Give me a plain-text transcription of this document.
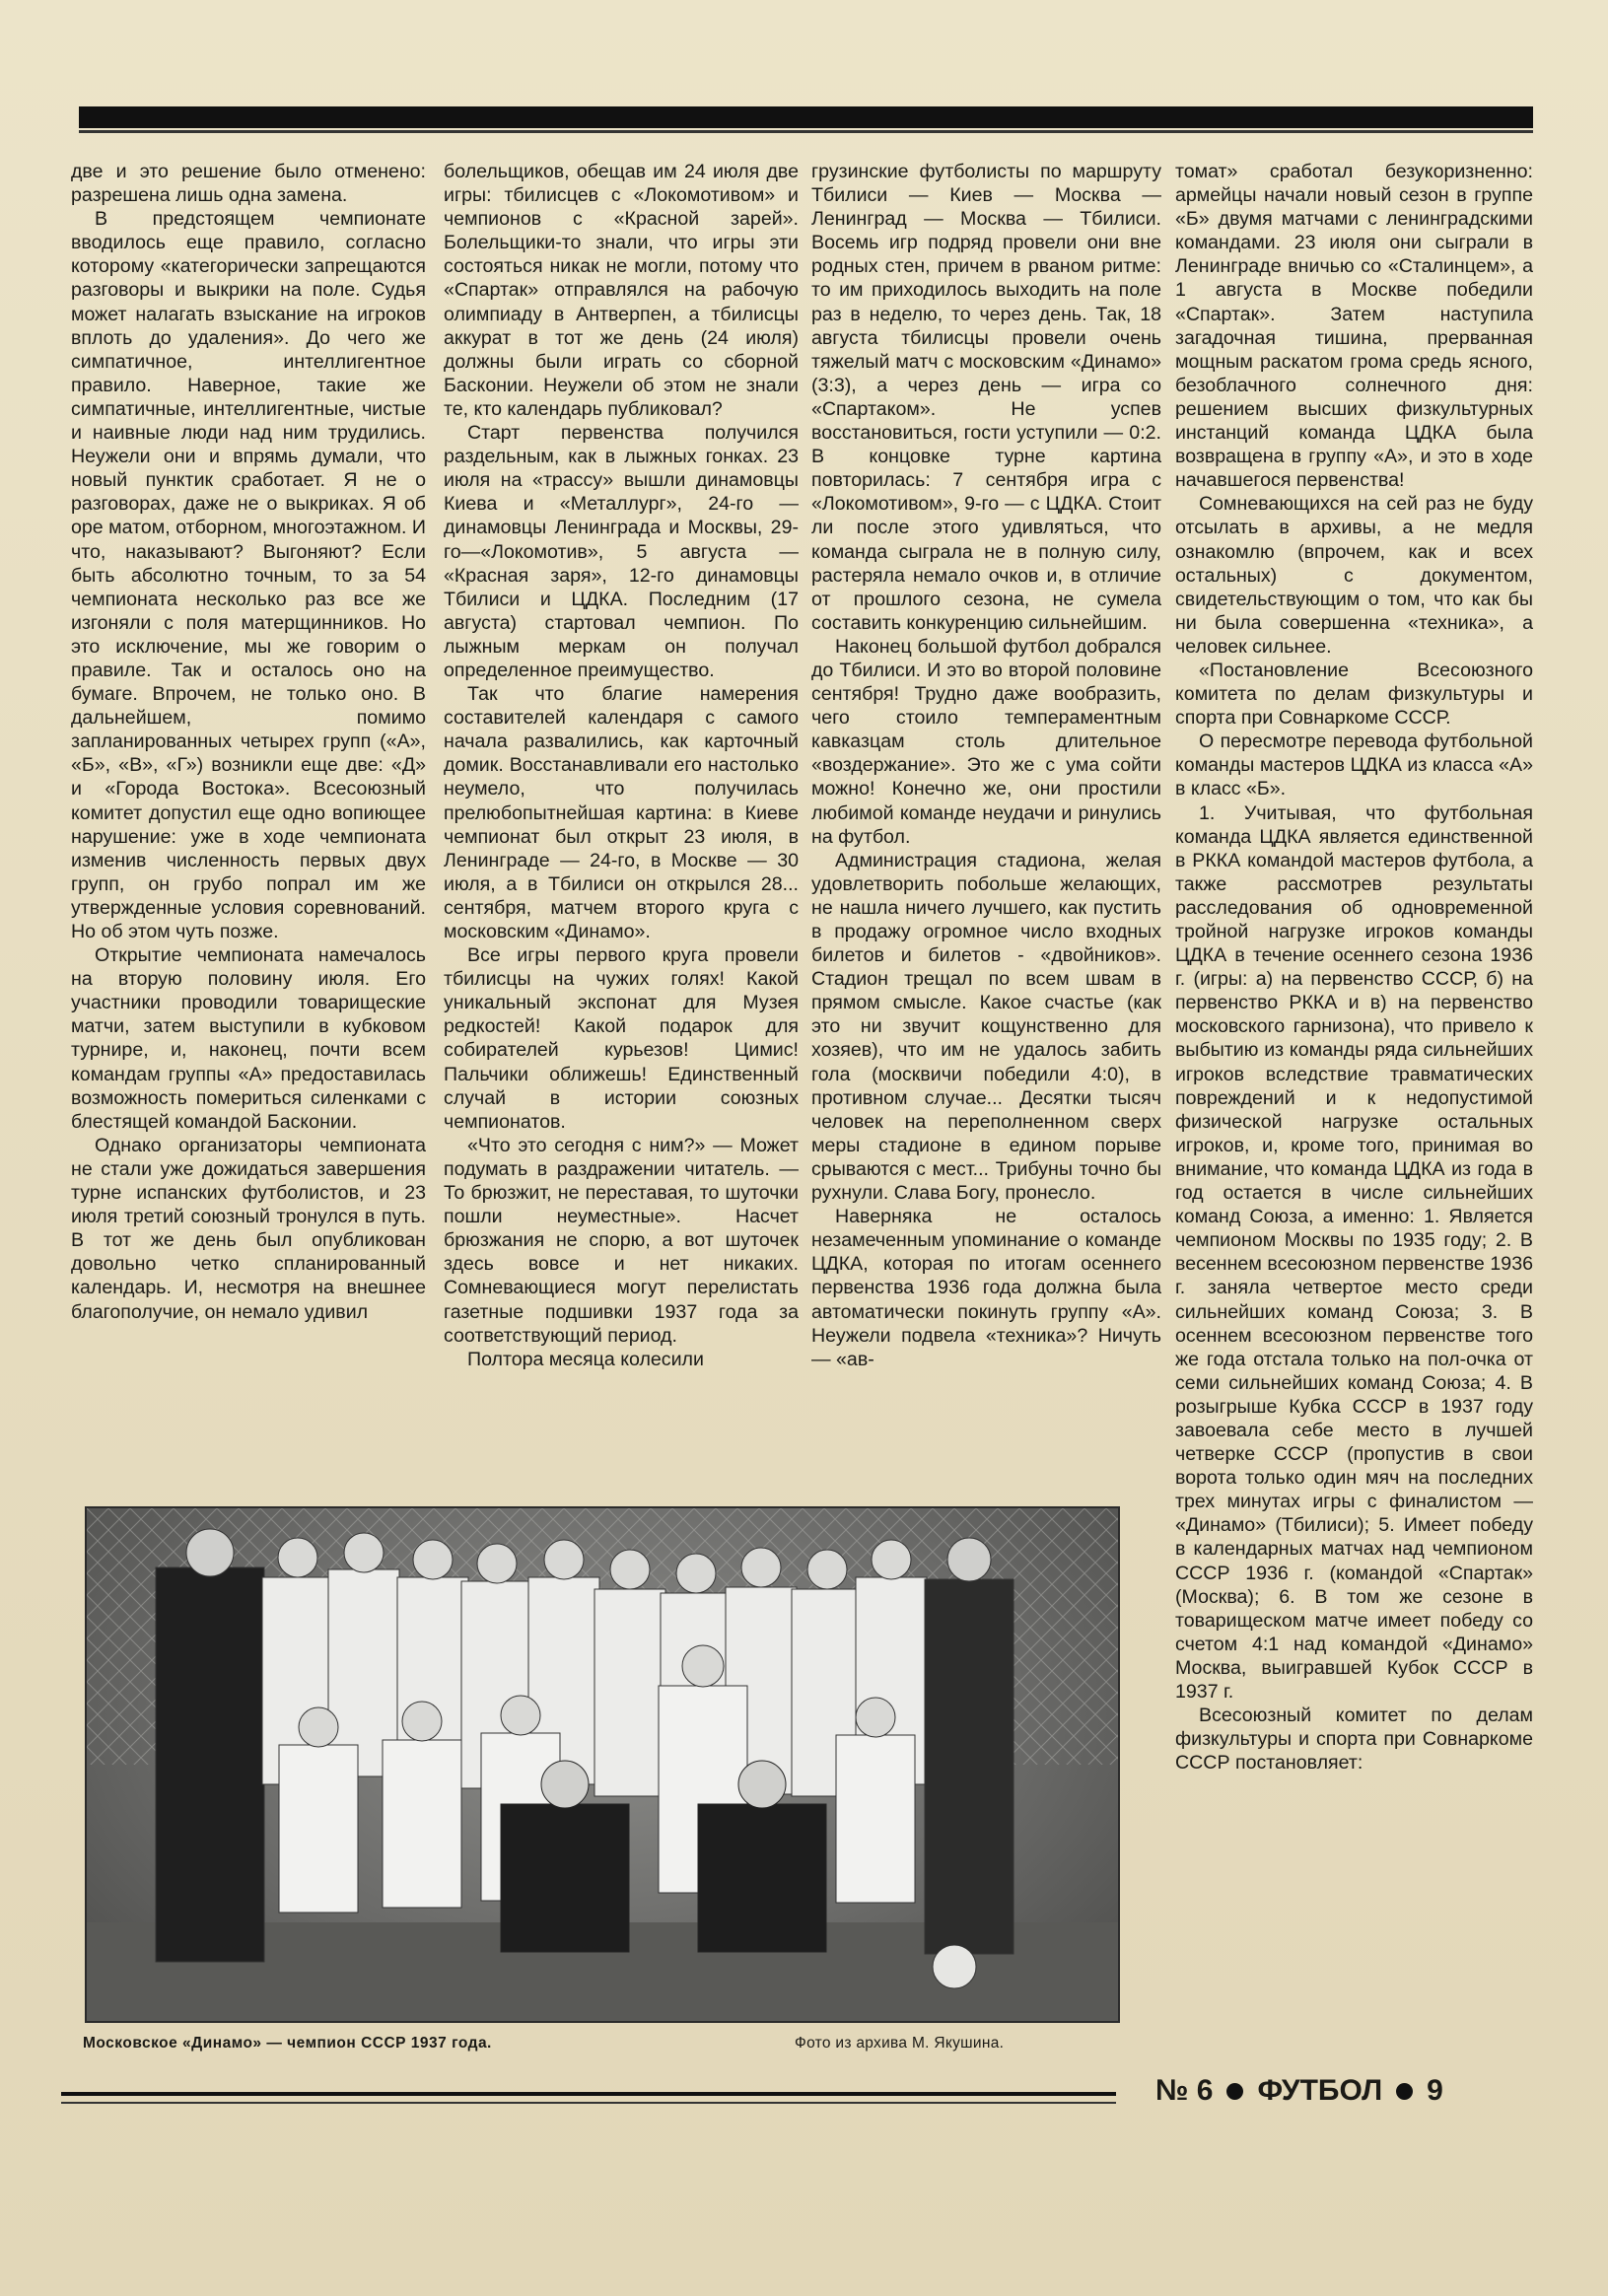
две и это решение было отменено: разрешена лишь одна замена.

В предстоящем чемпионате вводилось еще правило, согласно которому «категорически запрещаются разговоры и выкрики на поле. Судья может налагать взыскание на игроков вплоть до удаления». До чего же симпатичное, интеллигентное правило. Наверное, такие же симпатичные, интеллигентные, чистые и наивные люди над ним трудились. Неужели они и впрямь думали, что новый пунктик сработает. Я не о разговорах, даже не о выкриках. Я об оре матом, отборном, многоэтажном. И что, наказывают? Выгоняют? Если быть абсолютно точным, то за 54 чемпионата несколько раз все же изгоняли с поля матерщинников. Но это исключение, мы же говорим о правиле. Так и осталось оно на бумаге. Впрочем, не только оно. В дальнейшем, помимо запланированных четырех групп («А», «Б», «В», «Г») возникли еще две: «Д» и «Города Востока». Всесоюзный комитет допустил еще одно вопиющее нарушение: уже в ходе чемпионата изменив численность первых двух групп, он грубо попрал им же утвержденные условия соревнований. Но об этом чуть позже.

Открытие чемпионата намечалось на вторую половину июля. Его участники проводили товарищеские матчи, затем выступили в кубковом турнире, и, наконец, почти всем командам группы «А» предоставилась возможность помериться силенками с блестящей командой Басконии.

Однако организаторы чемпионата не стали уже дожидаться завершения турне испанских футболистов, и 23 июля третий союзный тронулся в путь. В тот же день был опубликован довольно четко спланированный календарь. И, несмотря на внешнее благополучие, он немало удивил

болельщиков, обещав им 24 июля две игры: тбилисцев с «Локомотивом» и чемпионов с «Красной зарей». Болельщики-то знали, что игры эти состояться никак не могли, потому что «Спартак» отправлялся на рабочую олимпиаду в Антверпен, а тбилисцы аккурат в тот же день (24 июля) должны были играть со сборной Басконии. Неужели об этом не знали те, кто календарь публиковал?

Старт первенства получился раздельным, как в лыжных гонках. 23 июля на «трассу» вышли динамовцы Киева и «Металлург», 24-го — динамовцы Ленинграда и Москвы, 29-го—«Локомотив», 5 августа — «Красная заря», 12-го динамовцы Тбилиси и ЦДКА. Последним (17 августа) стартовал чемпион. По лыжным меркам он получал определенное преимущество.

Так что благие намерения составителей календаря с самого начала развалились, как карточный домик. Восстанавливали его настолько неумело, что получилась прелюбопытнейшая картина: в Киеве чемпионат был открыт 23 июля, в Ленинграде — 24-го, в Москве — 30 июля, а в Тбилиси он открылся 28... сентября, матчем второго круга с московским «Динамо».

Все игры первого круга провели тбилисцы на чужих голях! Какой уникальный экспонат для Музея редкостей! Какой подарок для собирателей курьезов! Цимис! Пальчики оближешь! Единственный случай в истории союзных чемпионатов.

«Что это сегодня с ним?» — Может подумать в раздражении читатель. — То брюзжит, не переставая, то шуточки пошли неуместные». Насчет брюзжания не спорю, а вот шуточек здесь вовсе и нет никаких. Сомневающиеся могут перелистать газетные подшивки 1937 года за соответствующий период.

Полтора месяца колесили

грузинские футболисты по маршруту Тбилиси — Киев — Москва — Ленинград — Москва — Тбилиси. Восемь игр подряд провели они вне родных стен, причем в рваном ритме: то им приходилось выходить на поле раз в неделю, то через день. Так, 18 августа тбилисцы провели очень тяжелый матч с московским «Динамо» (3:3), а через день — игра со «Спартаком». Не успев восстановиться, гости уступили — 0:2. В концовке турне картина повторилась: 7 сентября игра с «Локомотивом», 9-го — с ЦДКА. Стоит ли после этого удивляться, что команда сыграла не в полную силу, растеряла немало очков и, в отличие от прошлого сезона, не сумела составить конкуренцию сильнейшим.

Наконец большой футбол добрался до Тбилиси. И это во второй половине сентября! Трудно даже вообразить, чего стоило темпераментным кавказцам столь длительное «воздержание». Это же с ума сойти можно! Конечно же, они простили любимой команде неудачи и ринулись на футбол.

Администрация стадиона, желая удовлетворить побольше желающих, не нашла ничего лучшего, как пустить в продажу огромное число входных билетов и билетов - «двойников». Стадион трещал по всем швам в прямом смысле. Какое счастье (как это ни звучит кощунственно для хозяев), что им не удалось забить гола (москвичи победили 4:0), в противном случае... Десятки тысяч человек на переполненном сверх меры стадионе в едином порыве срываются с мест... Трибуны точно бы рухнули. Слава Богу, пронесло.

Наверняка не осталось незамеченным упоминание о команде ЦДКА, которая по итогам осеннего первенства 1936 года должна была автоматически покинуть группу «А». Неужели подвела «техника»? Ничуть — «ав-

томат» сработал безукоризненно: армейцы начали новый сезон в группе «Б» двумя матчами с ленинградскими командами. 23 июля они сыграли в Ленинграде вничью со «Сталинцем», а 1 августа в Москве победили «Спартак». Затем наступила загадочная тишина, прерванная мощным раскатом грома средь ясного, безоблачного солнечного дня: решением высших физкультурных инстанций команда ЦДКА была возвращена в группу «А», и это в ходе начавшегося первенства!

Сомневающихся на сей раз не буду отсылать в архивы, а не медля ознакомлю (впрочем, как и всех остальных) с документом, свидетельствующим о том, что как бы ни была совершенна «техника», а человек сильнее.

«Постановление Всесоюзного комитета по делам физкультуры и спорта при Совнаркоме СССР.

О пересмотре перевода футбольной команды мастеров ЦДКА из класса «А» в класс «Б».

1. Учитывая, что футбольная команда ЦДКА является единственной в РККА командой мастеров футбола, а также рассмотрев результаты расследования об одновременной тройной нагрузке игроков команды ЦДКА в течение осеннего сезона 1936 г. (игры: а) на первенство СССР, б) на первенство РККА и в) на первенство московского гарнизона), что привело к выбытию из команды ряда сильнейших игроков вследствие травматических повреждений и к недопустимой физической нагрузке остальных игроков, и, кроме того, принимая во внимание, что команда ЦДКА из года в год остается в числе сильнейших команд Союза, а именно: 1. Является чемпионом Москвы по 1935 году; 2. В весеннем всесоюзном первенстве 1936 г. заняла четвертое место среди сильнейших команд Союза; 3. В осеннем всесоюзном первенстве того же года отстала только на пол-очка от семи сильнейших команд Союза; 4. В розыгрыше Кубка СССР в 1937 году завоевала себе место в лучшей четверке СССР (пропустив в свои ворота только один мяч на последних трех минутах игры с финалистом — «Динамо» (Тбилиси); 5. Имеет победу в календарных матчах над чемпионом СССР 1936 г. (командой «Спартак» (Москва); 6. В том же сезоне в товарищеском матче имеет победу со счетом 4:1 над командой «Динамо» Москва, выигравшей Кубок СССР в 1937 г.

Всесоюзный комитет по делам физкультуры и спорта при Совнаркоме СССР постановляет:

Московское «Динамо» — чемпион СССР 1937 года.	Фото из архива М. Якушина.
№ 6 ФУТБОЛ 9
